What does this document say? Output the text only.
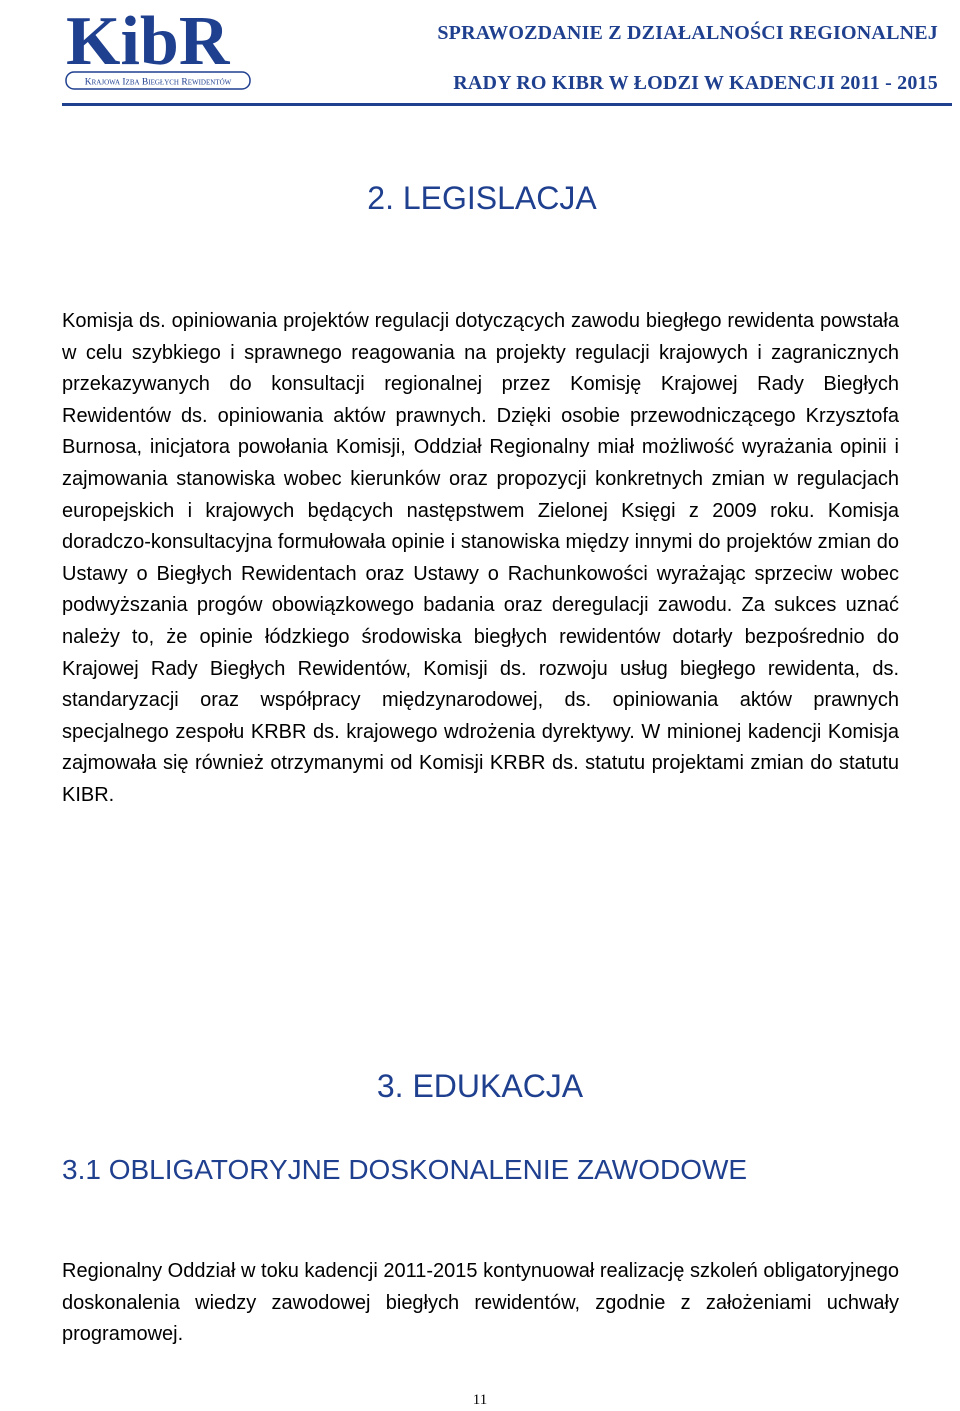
KibR
Krajowa Izba Biegłych Rewidentów
SPRAWOZDANIE Z DZIAŁALNOŚCI REGIONALNEJ
RADY RO KIBR W ŁODZI W KADENCJI 2011 - 2015
2. LEGISLACJA

Komisja ds. opiniowania projektów regulacji dotyczących zawodu biegłego rewidenta powstała w celu szybkiego i sprawnego reagowania na projekty regulacji krajowych i zagranicznych przekazywanych do konsultacji regionalnej przez Komisję Krajowej Rady Biegłych Rewidentów ds. opiniowania aktów prawnych. Dzięki osobie przewodniczącego Krzysztofa Burnosa, inicjatora powołania Komisji, Oddział Regionalny miał możliwość wyrażania opinii i zajmowania stanowiska wobec kierunków oraz propozycji konkretnych zmian w regulacjach europejskich i krajowych będących następstwem Zielonej Księgi z 2009 roku. Komisja doradczo-konsultacyjna formułowała opinie i stanowiska między innymi do projektów zmian do Ustawy o Biegłych Rewidentach oraz Ustawy o Rachunkowości wyrażając sprzeciw wobec podwyższania progów obowiązkowego badania oraz deregulacji zawodu. Za sukces uznać należy to, że opinie łódzkiego środowiska biegłych rewidentów dotarły bezpośrednio do Krajowej Rady Biegłych Rewidentów, Komisji ds. rozwoju usług biegłego rewidenta, ds. standaryzacji oraz współpracy międzynarodowej, ds. opiniowania aktów prawnych specjalnego zespołu KRBR ds. krajowego wdrożenia dyrektywy. W minionej kadencji Komisja zajmowała się również otrzymanymi od Komisji KRBR ds. statutu projektami zmian do statutu KIBR.

3. EDUKACJA
3.1 OBLIGATORYJNE DOSKONALENIE ZAWODOWE

Regionalny Oddział w toku kadencji 2011-2015 kontynuował realizację szkoleń obligatoryjnego doskonalenia wiedzy zawodowej biegłych rewidentów, zgodnie z założeniami uchwały programowej.

11
